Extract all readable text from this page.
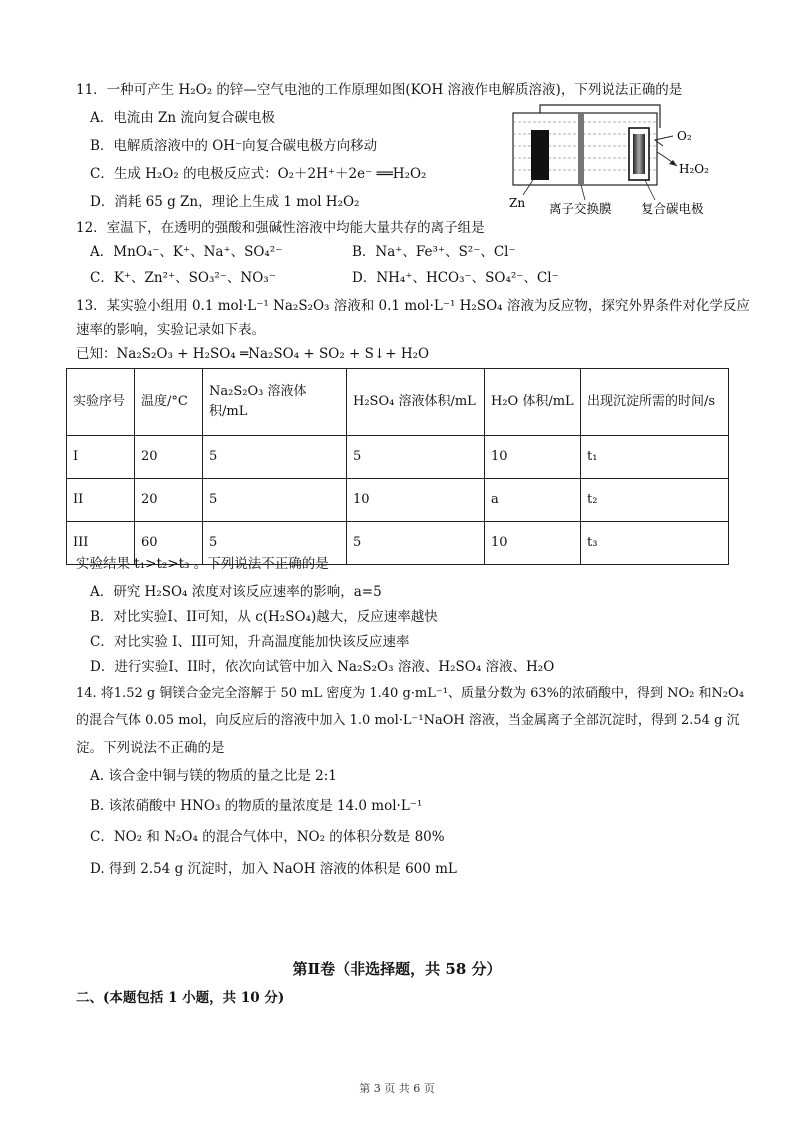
11．一种可产生 H₂O₂ 的锌—空气电池的工作原理如图(KOH 溶液作电解质溶液)，下列说法正确的是
A．电流由 Zn 流向复合碳电极
B．电解质溶液中的 OH⁻向复合碳电极方向移动
C．生成 H₂O₂ 的电极反应式：O₂＋2H⁺＋2e⁻ ══H₂O₂
D．消耗 65 g Zn，理论上生成 1 mol H₂O₂
O₂
H₂O₂
Zn 离子交换膜 复合碳电极
12．室温下，在透明的强酸和强碱性溶液中均能大量共存的离子组是
A．MnO₄⁻、K⁺、Na⁺、SO₄²⁻	B．Na⁺、Fe³⁺、S²⁻、Cl⁻
C．K⁺、Zn²⁺、SO₃²⁻、NO₃⁻	D．NH₄⁺、HCO₃⁻、SO₄²⁻、Cl⁻
13．某实验小组用 0.1 mol·L⁻¹ Na₂S₂O₃ 溶液和 0.1 mol·L⁻¹ H₂SO₄ 溶液为反应物，探究外界条件对化学反应
速率的影响，实验记录如下表。
已知：Na₂S₂O₃ + H₂SO₄ ═Na₂SO₄ + SO₂ + S↓+ H₂O
实验序号	温度/°C	Na₂S₂O₃ 溶液体积/mL	H₂SO₄ 溶液体积/mL	H₂O 体积/mL	出现沉淀所需的时间/s
I	20	5	5	10	t₁
II	20	5	10	a	t₂
III	60	5	5	10	t₃
实验结果 t₁>t₂>t₃ 。下列说法不正确的是
A．研究 H₂SO₄ 浓度对该反应速率的影响，a=5
B．对比实验I、II可知，从 c(H₂SO₄)越大，反应速率越快
C．对比实验 I、III可知，升高温度能加快该反应速率
D．进行实验I、II时，依次向试管中加入 Na₂S₂O₃ 溶液、H₂SO₄ 溶液、H₂O
14. 将1.52 g 铜镁合金完全溶解于 50 mL 密度为 1.40 g·mL⁻¹、质量分数为 63%的浓硝酸中，得到 NO₂ 和N₂O₄
的混合气体 0.05 mol，向反应后的溶液中加入 1.0 mol·L⁻¹NaOH 溶液，当金属离子全部沉淀时，得到 2.54 g 沉
淀。下列说法不正确的是
A. 该合金中铜与镁的物质的量之比是 2:1
B. 该浓硝酸中 HNO₃ 的物质的量浓度是 14.0 mol·L⁻¹
C．NO₂ 和 N₂O₄ 的混合气体中，NO₂ 的体积分数是 80%
D. 得到 2.54 g 沉淀时，加入 NaOH 溶液的体积是 600 mL
第Ⅱ卷（非选择题，共 58 分）
二、(本题包括 1 小题，共 10 分)
第 3 页 共 6 页
